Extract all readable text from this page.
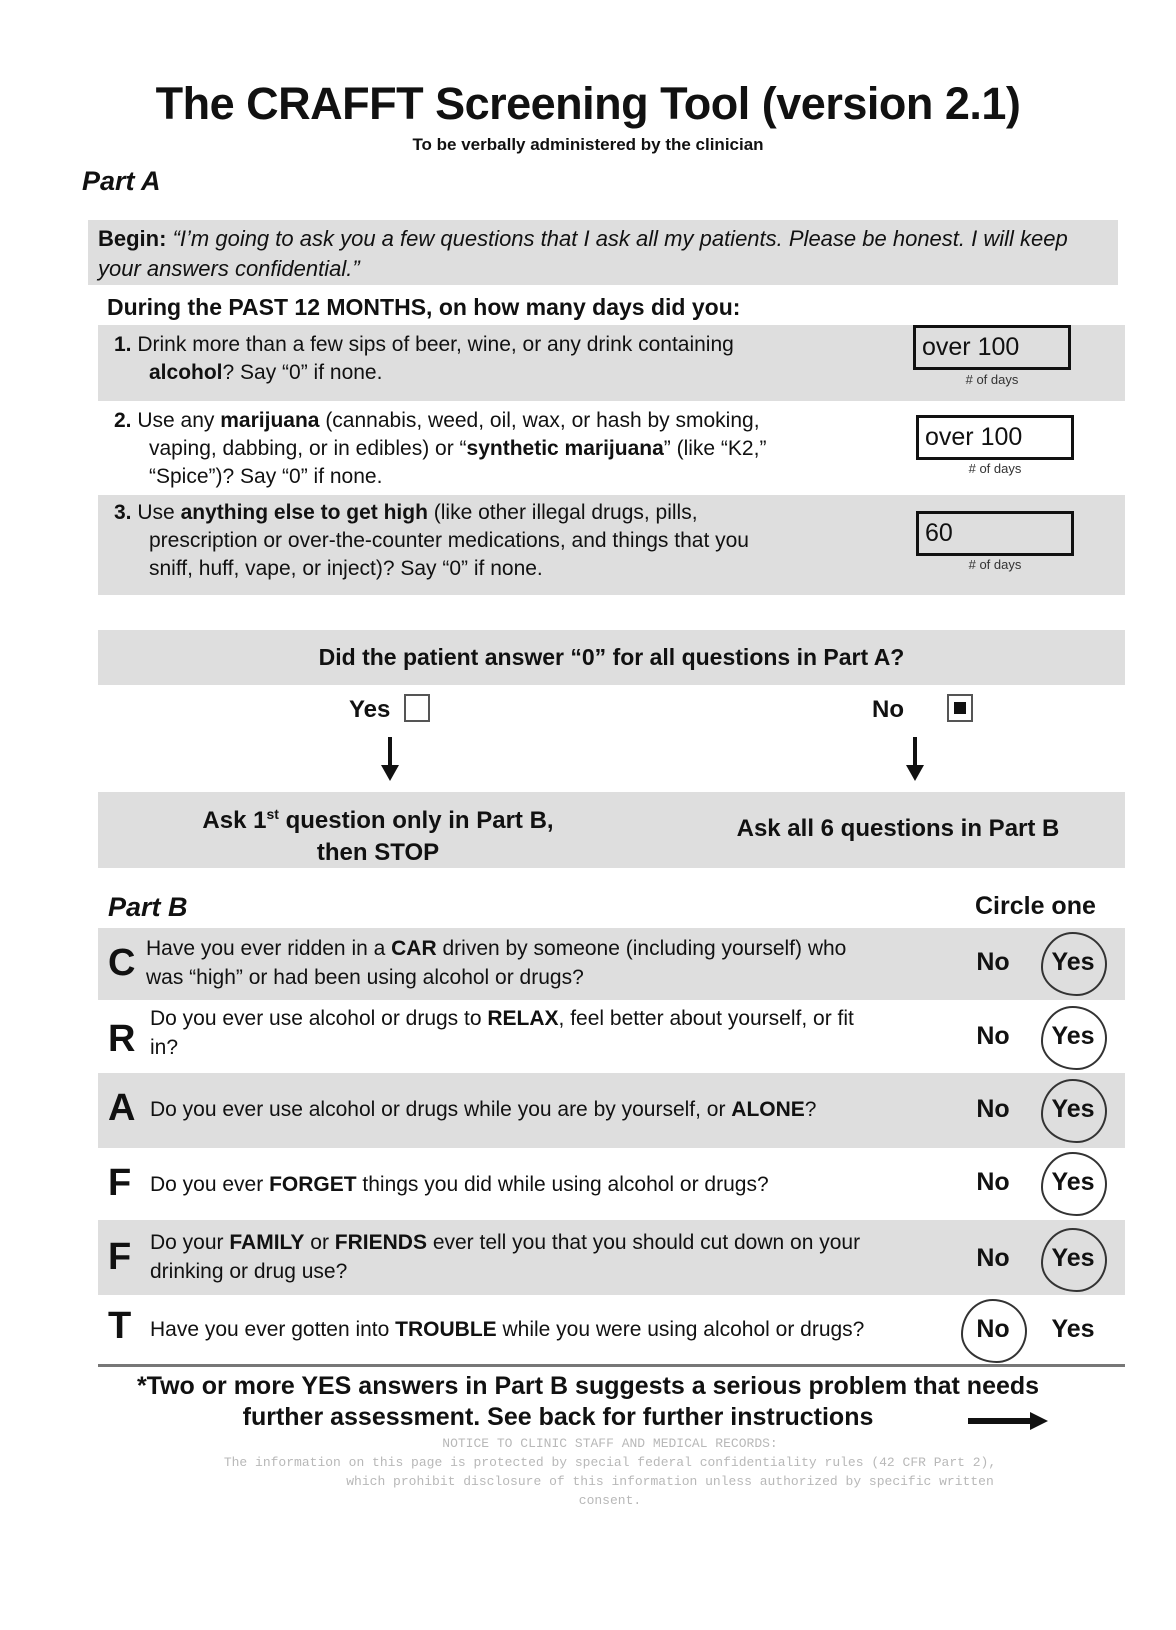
The CRAFFT Screening Tool (version 2.1)
To be verbally administered by the clinician
Part A
Begin: “I’m going to ask you a few questions that I ask all my patients. Please be honest. I will keep your answers confidential.”
During the PAST 12 MONTHS, on how many days did you:
1. Drink more than a few sips of beer, wine, or any drink containing
alcohol? Say “0” if none.
over 100
# of days
2. Use any marijuana (cannabis, weed, oil, wax, or hash by smoking,
vaping, dabbing, or in edibles) or “synthetic marijuana” (like “K2,”
“Spice”)? Say “0” if none.
over 100
# of days
3. Use anything else to get high (like other illegal drugs, pills,
prescription or over-the-counter medications, and things that you
sniff, huff, vape, or inject)? Say “0” if none.
60
# of days
Did the patient answer “0” for all questions in Part A?
Yes	No
Ask 1st question only in Part B,
then STOP
Ask all 6 questions in Part B
Part B	Circle one
C Have you ever ridden in a CAR driven by someone (including yourself) who
was “high” or had been using alcohol or drugs?
No	Yes
R Do you ever use alcohol or drugs to RELAX, feel better about yourself, or fit
in?	No	Yes
A Do you ever use alcohol or drugs while you are by yourself, or ALONE?	No	Yes
F Do you ever FORGET things you did while using alcohol or drugs?	No	Yes
F Do your FAMILY or FRIENDS ever tell you that you should cut down on your
drinking or drug use?	No	Yes
T Have you ever gotten into TROUBLE while you were using alcohol or drugs?	No	Yes
*Two or more YES answers in Part B suggests a serious problem that needs
further assessment. See back for further instructions
NOTICE TO CLINIC STAFF AND MEDICAL RECORDS:
The information on this page is protected by special federal confidentiality rules (42 CFR Part 2),
which prohibit disclosure of this information unless authorized by specific written
consent.
